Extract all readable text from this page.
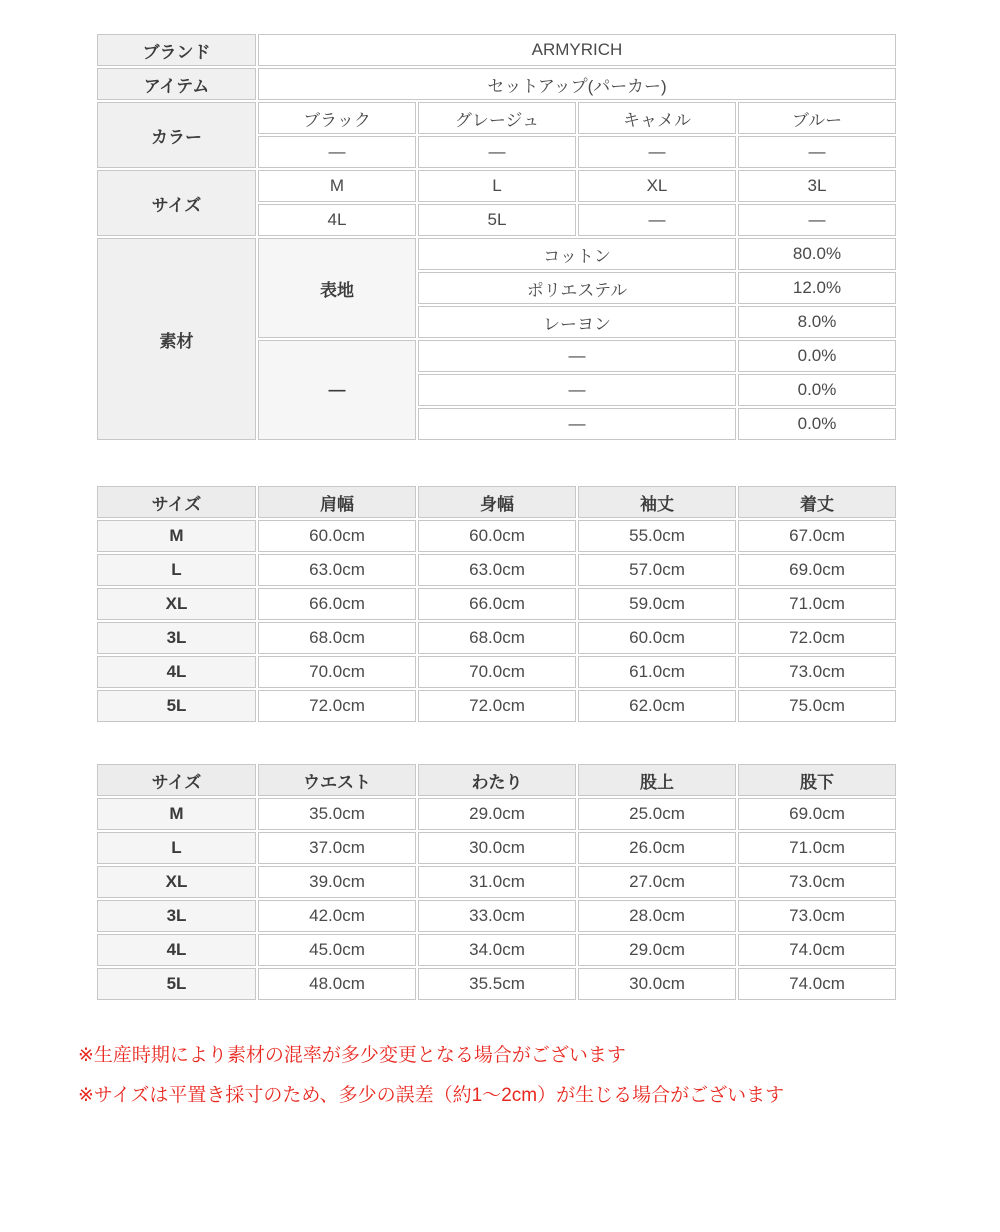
ブランド	ARMYRICH			
アイテム	セットアップ(パーカー)			
カラー	ブラック	グレージュ	キャメル	ブルー
	—	—	—	—
サイズ	M	L	XL	3L
	4L	5L	—	—
素材	表地	コットン		80.0%
		ポリエステル		12.0%
		レーヨン		8.0%
	—	—		0.0%
		—		0.0%
		—		0.0%
サイズ	肩幅	身幅	袖丈	着丈
M	60.0cm	60.0cm	55.0cm	67.0cm
L	63.0cm	63.0cm	57.0cm	69.0cm
XL	66.0cm	66.0cm	59.0cm	71.0cm
3L	68.0cm	68.0cm	60.0cm	72.0cm
4L	70.0cm	70.0cm	61.0cm	73.0cm
5L	72.0cm	72.0cm	62.0cm	75.0cm
サイズ	ウエスト	わたり	股上	股下
M	35.0cm	29.0cm	25.0cm	69.0cm
L	37.0cm	30.0cm	26.0cm	71.0cm
XL	39.0cm	31.0cm	27.0cm	73.0cm
3L	42.0cm	33.0cm	28.0cm	73.0cm
4L	45.0cm	34.0cm	29.0cm	74.0cm
5L	48.0cm	35.5cm	30.0cm	74.0cm
※生産時期により素材の混率が多少変更となる場合がございます
※サイズは平置き採寸のため、多少の誤差（約1～2cm）が生じる場合がございます
